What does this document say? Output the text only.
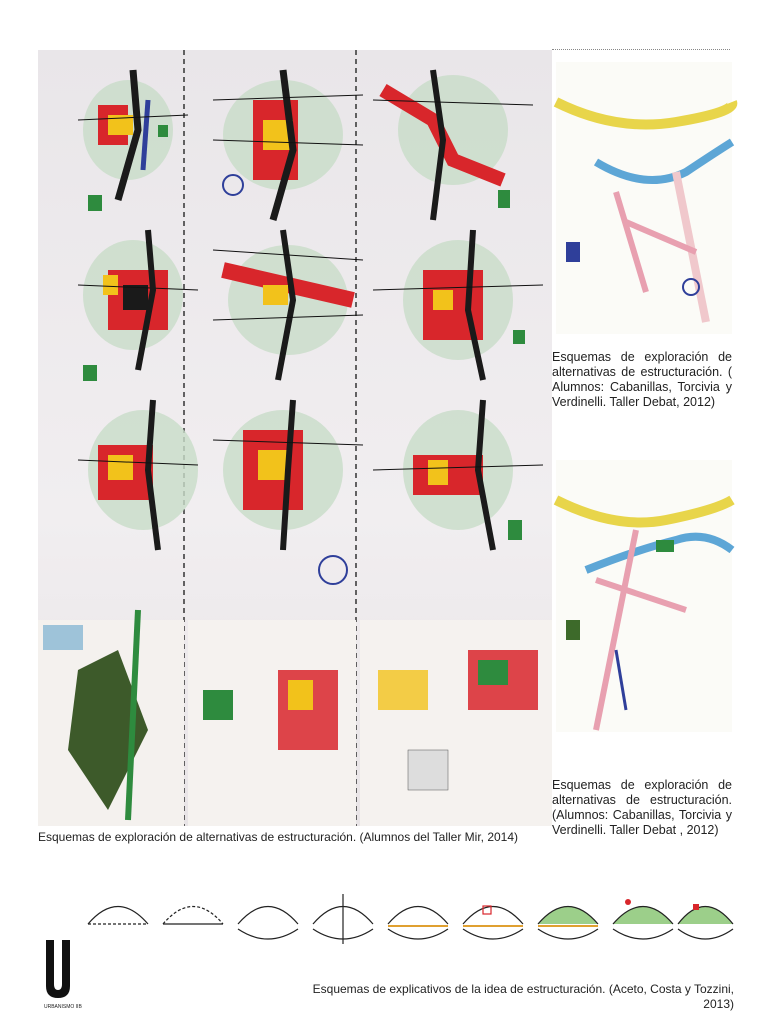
Esquemas de exploración de alternativas de estructuración. ( Alumnos: Cabanillas, Torcivia y Verdinelli. Taller Debat, 2012)
Esquemas de exploración de alternativas de estructuración. (Alumnos: Cabanillas, Torcivia y Verdinelli. Taller Debat , 2012)
Esquemas de exploración de alternativas de estructuración. (Alumnos del Taller Mir, 2014)
URBANISMO IIB
Esquemas de explicativos de la idea de estructuración. (Aceto, Costa y Tozzini, 2013)
